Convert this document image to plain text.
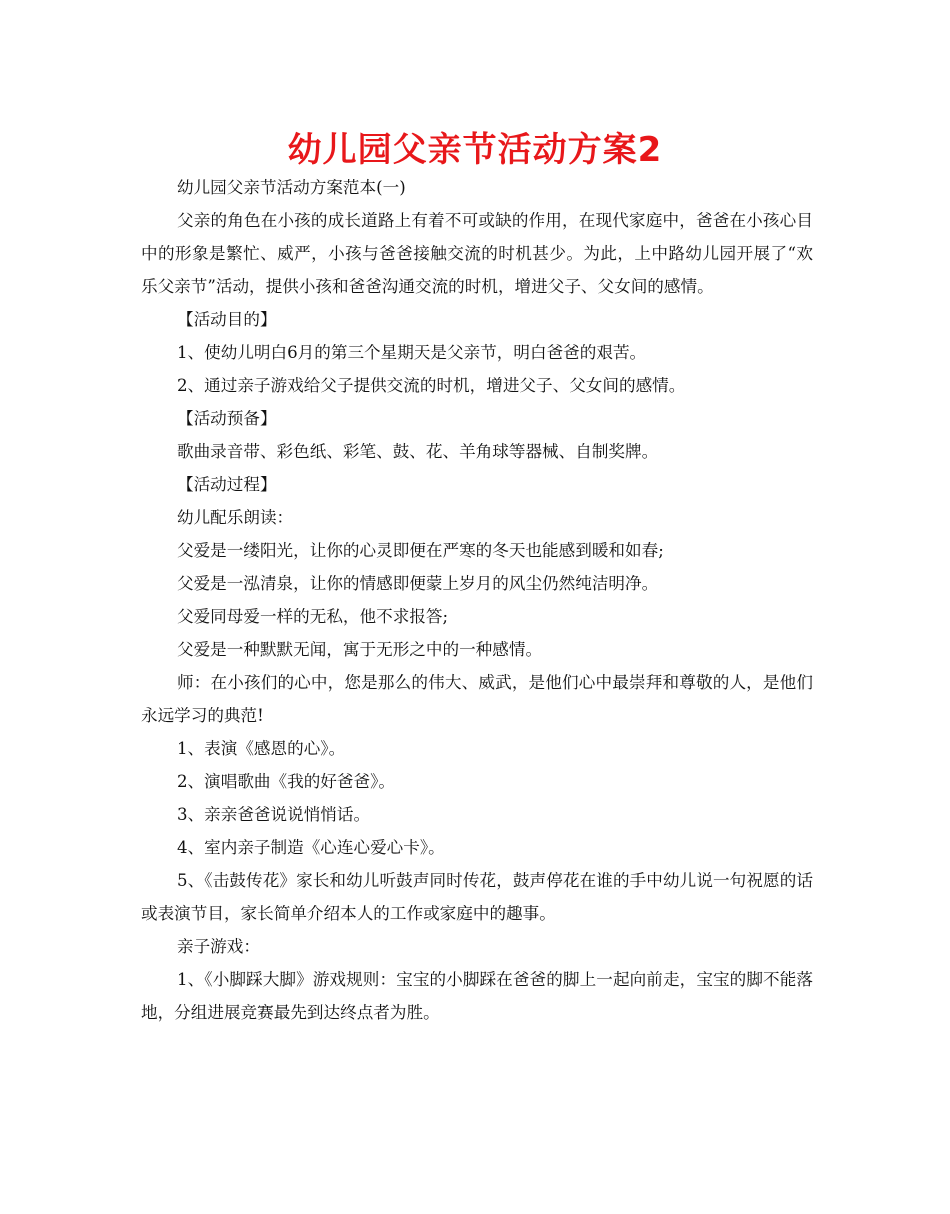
幼儿园父亲节活动方案2

幼儿园父亲节活动方案范本(一)

父亲的角色在小孩的成长道路上有着不可或缺的作用，在现代家庭中，爸爸在小孩心目中的形象是繁忙、威严，小孩与爸爸接触交流的时机甚少。为此，上中路幼儿园开展了“欢乐父亲节”活动，提供小孩和爸爸沟通交流的时机，增进父子、父女间的感情。

【活动目的】

1、使幼儿明白6月的第三个星期天是父亲节，明白爸爸的艰苦。

2、通过亲子游戏给父子提供交流的时机，增进父子、父女间的感情。

【活动预备】

歌曲录音带、彩色纸、彩笔、鼓、花、羊角球等器械、自制奖牌。

【活动过程】

幼儿配乐朗读：

父爱是一缕阳光，让你的心灵即便在严寒的冬天也能感到暖和如春;

父爱是一泓清泉，让你的情感即便蒙上岁月的风尘仍然纯洁明净。

父爱同母爱一样的无私，他不求报答;

父爱是一种默默无闻，寓于无形之中的一种感情。

师：在小孩们的心中，您是那么的伟大、威武，是他们心中最崇拜和尊敬的人，是他们永远学习的典范!

1、表演《感恩的心》。

2、演唱歌曲《我的好爸爸》。

3、亲亲爸爸说说悄悄话。

4、室内亲子制造《心连心爱心卡》。

5、《击鼓传花》家长和幼儿听鼓声同时传花，鼓声停花在谁的手中幼儿说一句祝愿的话或表演节目，家长简单介绍本人的工作或家庭中的趣事。

亲子游戏：

1、《小脚踩大脚》游戏规则：宝宝的小脚踩在爸爸的脚上一起向前走，宝宝的脚不能落地，分组进展竞赛最先到达终点者为胜。
